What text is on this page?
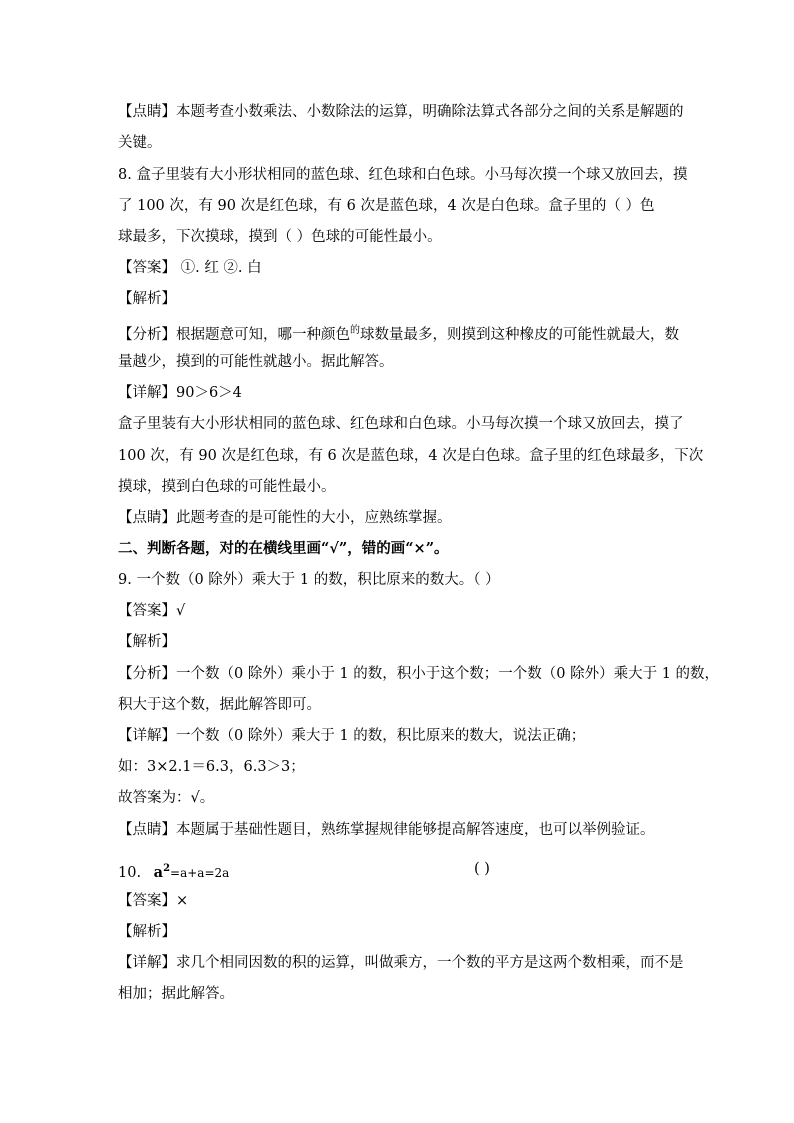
【点睛】本题考查小数乘法、小数除法的运算，明确除法算式各部分之间的关系是解题的
关键。
8. 盒子里装有大小形状相同的蓝色球、红色球和白色球。小马每次摸一个球又放回去，摸
了 100 次，有 90 次是红色球，有 6 次是蓝色球，4 次是白色球。盒子里的（ ）色
球最多，下次摸球，摸到（ ）色球的可能性最小。
【答案】 ①. 红 ②. 白
【解析】
【分析】根据题意可知，哪一种颜色$^的$球数量最多，则摸到这种橡皮的可能性就最大，数
量越少，摸到的可能性就越小。据此解答。
【详解】90＞6＞4
盒子里装有大小形状相同的蓝色球、红色球和白色球。小马每次摸一个球又放回去，摸了
100 次，有 90 次是红色球，有 6 次是蓝色球，4 次是白色球。盒子里的红色球最多，下次
摸球，摸到白色球的可能性最小。
【点睛】此题考查的是可能性的大小，应熟练掌握。
二、判断各题，对的在横线里画“√”，错的画“×”。
9. 一个数（0 除外）乘大于 1 的数，积比原来的数大。（ ）
【答案】√
【解析】
【分析】一个数（0 除外）乘小于 1 的数，积小于这个数；一个数（0 除外）乘大于 1 的数，
积大于这个数，据此解答即可。
【详解】一个数（0 除外）乘大于 1 的数，积比原来的数大，说法正确；
如：3×2.1＝6.3，6.3＞3；
故答案为：√。
【点睛】本题属于基础性题目，熟练掌握规律能够提高解答速度，也可以举例验证。
10. $a^2=a+a=2a$	( )
【答案】×
【解析】
【详解】求几个相同因数的积的运算，叫做乘方，一个数的平方是这两个数相乘，而不是
相加；据此解答。
